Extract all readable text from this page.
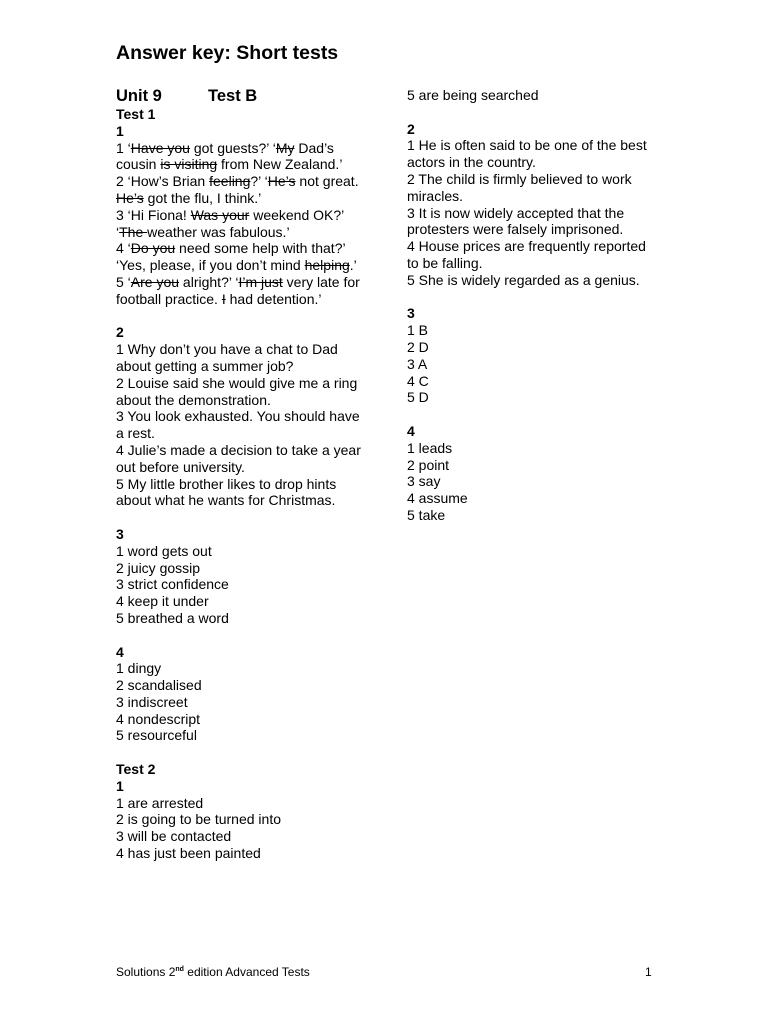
Answer key: Short tests
Unit 9	Test B
Test 1
1

1 ‘Have you got guests?’ ‘My Dad’s cousin is visiting from New Zealand.’

2 ‘How’s Brian feeling?’ ‘He’s not great. He’s got the flu, I think.’

3 ‘Hi Fiona! Was your weekend OK?’ ‘The weather was fabulous.’

4 ‘Do you need some help with that?’ ‘Yes, please, if you don’t mind helping.’

5 ‘Are you alright?’ ‘I’m just very late for football practice. I had detention.’

2

1 Why don’t you have a chat to Dad about getting a summer job?

2 Louise said she would give me a ring about the demonstration.

3 You look exhausted. You should have a rest.

4 Julie’s made a decision to take a year out before university.

5 My little brother likes to drop hints about what he wants for Christmas.

3

1 word gets out

2 juicy gossip

3 strict confidence

4 keep it under

5 breathed a word

4

1 dingy

2 scandalised

3 indiscreet

4 nondescript

5 resourceful

Test 2
1

1 are arrested

2 is going to be turned into

3 will be contacted

4 has just been painted

5 are being searched

2

1 He is often said to be one of the best actors in the country.

2 The child is firmly believed to work miracles.

3 It is now widely accepted that the protesters were falsely imprisoned.

4 House prices are frequently reported to be falling.

5 She is widely regarded as a genius.

3

1 B

2 D

3 A

4 C

5 D

4

1 leads

2 point

3 say

4 assume

5 take

Solutions 2nd edition Advanced Tests	1
